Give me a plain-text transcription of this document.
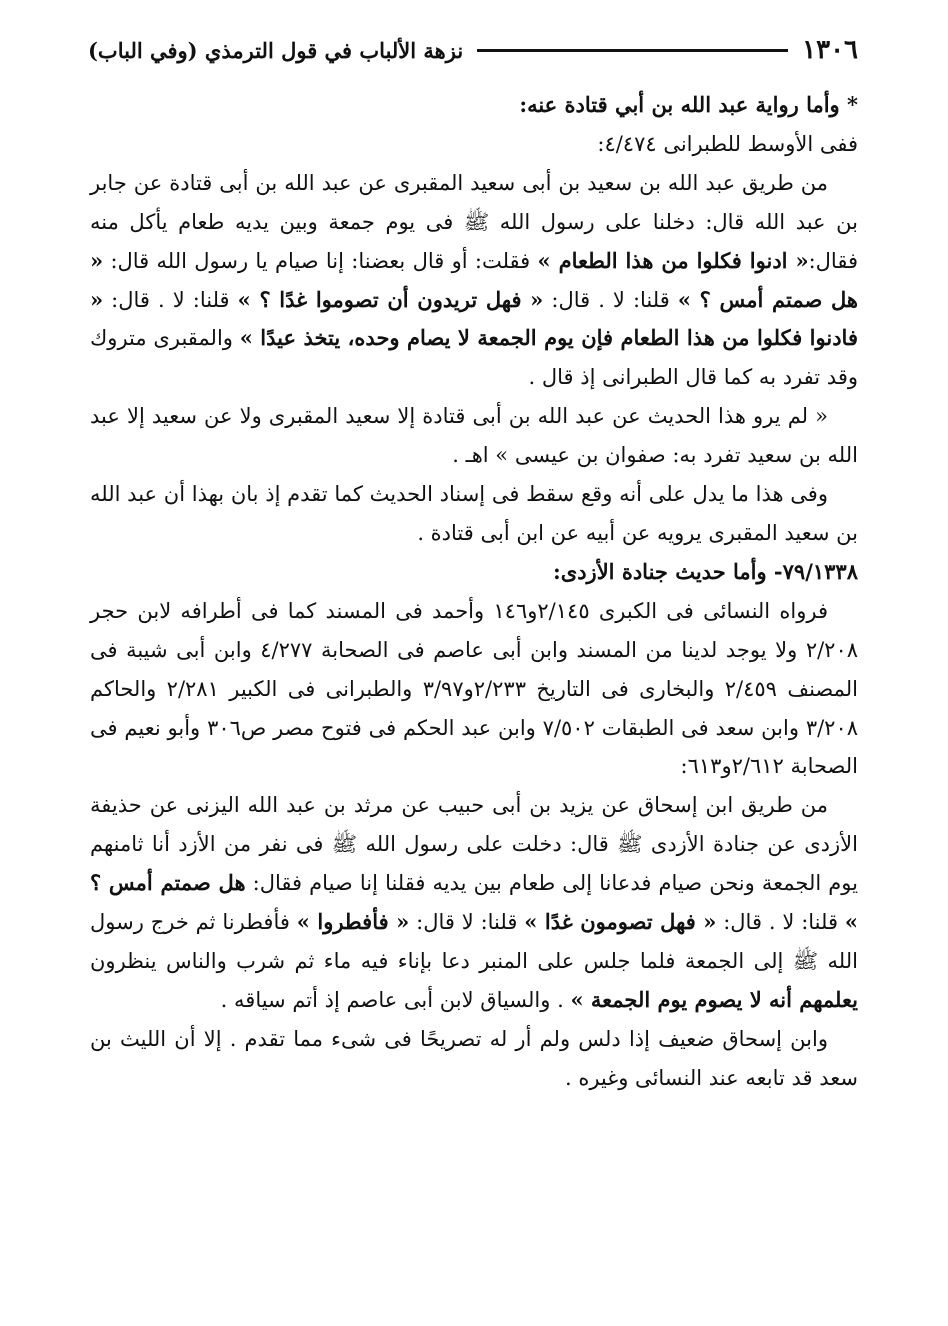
١٣٠٦
نزهة الألباب في قول الترمذي (وفي الباب)

* وأما رواية عبد الله بن أبي قتادة عنه:

ففى الأوسط للطبرانى ٤/٤٧٤:

من طريق عبد الله بن سعيد بن أبى سعيد المقبرى عن عبد الله بن أبى قتادة عن جابر بن عبد الله قال: دخلنا على رسول الله ﷺ فى يوم جمعة وبين يديه طعام يأكل منه فقال:« ادنوا فكلوا من هذا الطعام » فقلت: أو قال بعضنا: إنا صيام يا رسول الله قال: « هل صمتم أمس ؟ » قلنا: لا . قال: « فهل تريدون أن تصوموا غدًا ؟ » قلنا: لا . قال: « فادنوا فكلوا من هذا الطعام فإن يوم الجمعة لا يصام وحده، يتخذ عيدًا » والمقبرى متروك وقد تفرد به كما قال الطبرانى إذ قال .

« لم يرو هذا الحديث عن عبد الله بن أبى قتادة إلا سعيد المقبرى ولا عن سعيد إلا عبد الله بن سعيد تفرد به: صفوان بن عيسى » اهـ .

وفى هذا ما يدل على أنه وقع سقط فى إسناد الحديث كما تقدم إذ بان بهذا أن عبد الله بن سعيد المقبرى يرويه عن أبيه عن ابن أبى قتادة .

٧٩/١٣٣٨- وأما حديث جنادة الأزدى:

فرواه النسائى فى الكبرى ٢/١٤٥و١٤٦ وأحمد فى المسند كما فى أطرافه لابن حجر ٢/٢٠٨ ولا يوجد لدينا من المسند وابن أبى عاصم فى الصحابة ٤/٢٧٧ وابن أبى شيبة فى المصنف ٢/٤٥٩ والبخارى فى التاريخ ٢/٢٣٣و٣/٩٧ والطبرانى فى الكبير ٢/٢٨١ والحاكم ٣/٢٠٨ وابن سعد فى الطبقات ٧/٥٠٢ وابن عبد الحكم فى فتوح مصر ص٣٠٦ وأبو نعيم فى الصحابة ٢/٦١٢و٦١٣:

من طريق ابن إسحاق عن يزيد بن أبى حبيب عن مرثد بن عبد الله اليزنى عن حذيفة الأزدى عن جنادة الأزدى ﷺ قال: دخلت على رسول الله ﷺ فى نفر من الأزد أنا ثامنهم يوم الجمعة ونحن صيام فدعانا إلى طعام بين يديه فقلنا إنا صيام فقال: هل صمتم أمس ؟ » قلنا: لا . قال: « فهل تصومون غدًا » قلنا: لا قال: « فأفطروا » فأفطرنا ثم خرج رسول الله ﷺ إلى الجمعة فلما جلس على المنبر دعا بإناء فيه ماء ثم شرب والناس ينظرون يعلمهم أنه لا يصوم يوم الجمعة » . والسياق لابن أبى عاصم إذ أتم سياقه .

وابن إسحاق ضعيف إذا دلس ولم أر له تصريحًا فى شىء مما تقدم . إلا أن الليث بن سعد قد تابعه عند النسائى وغيره .
